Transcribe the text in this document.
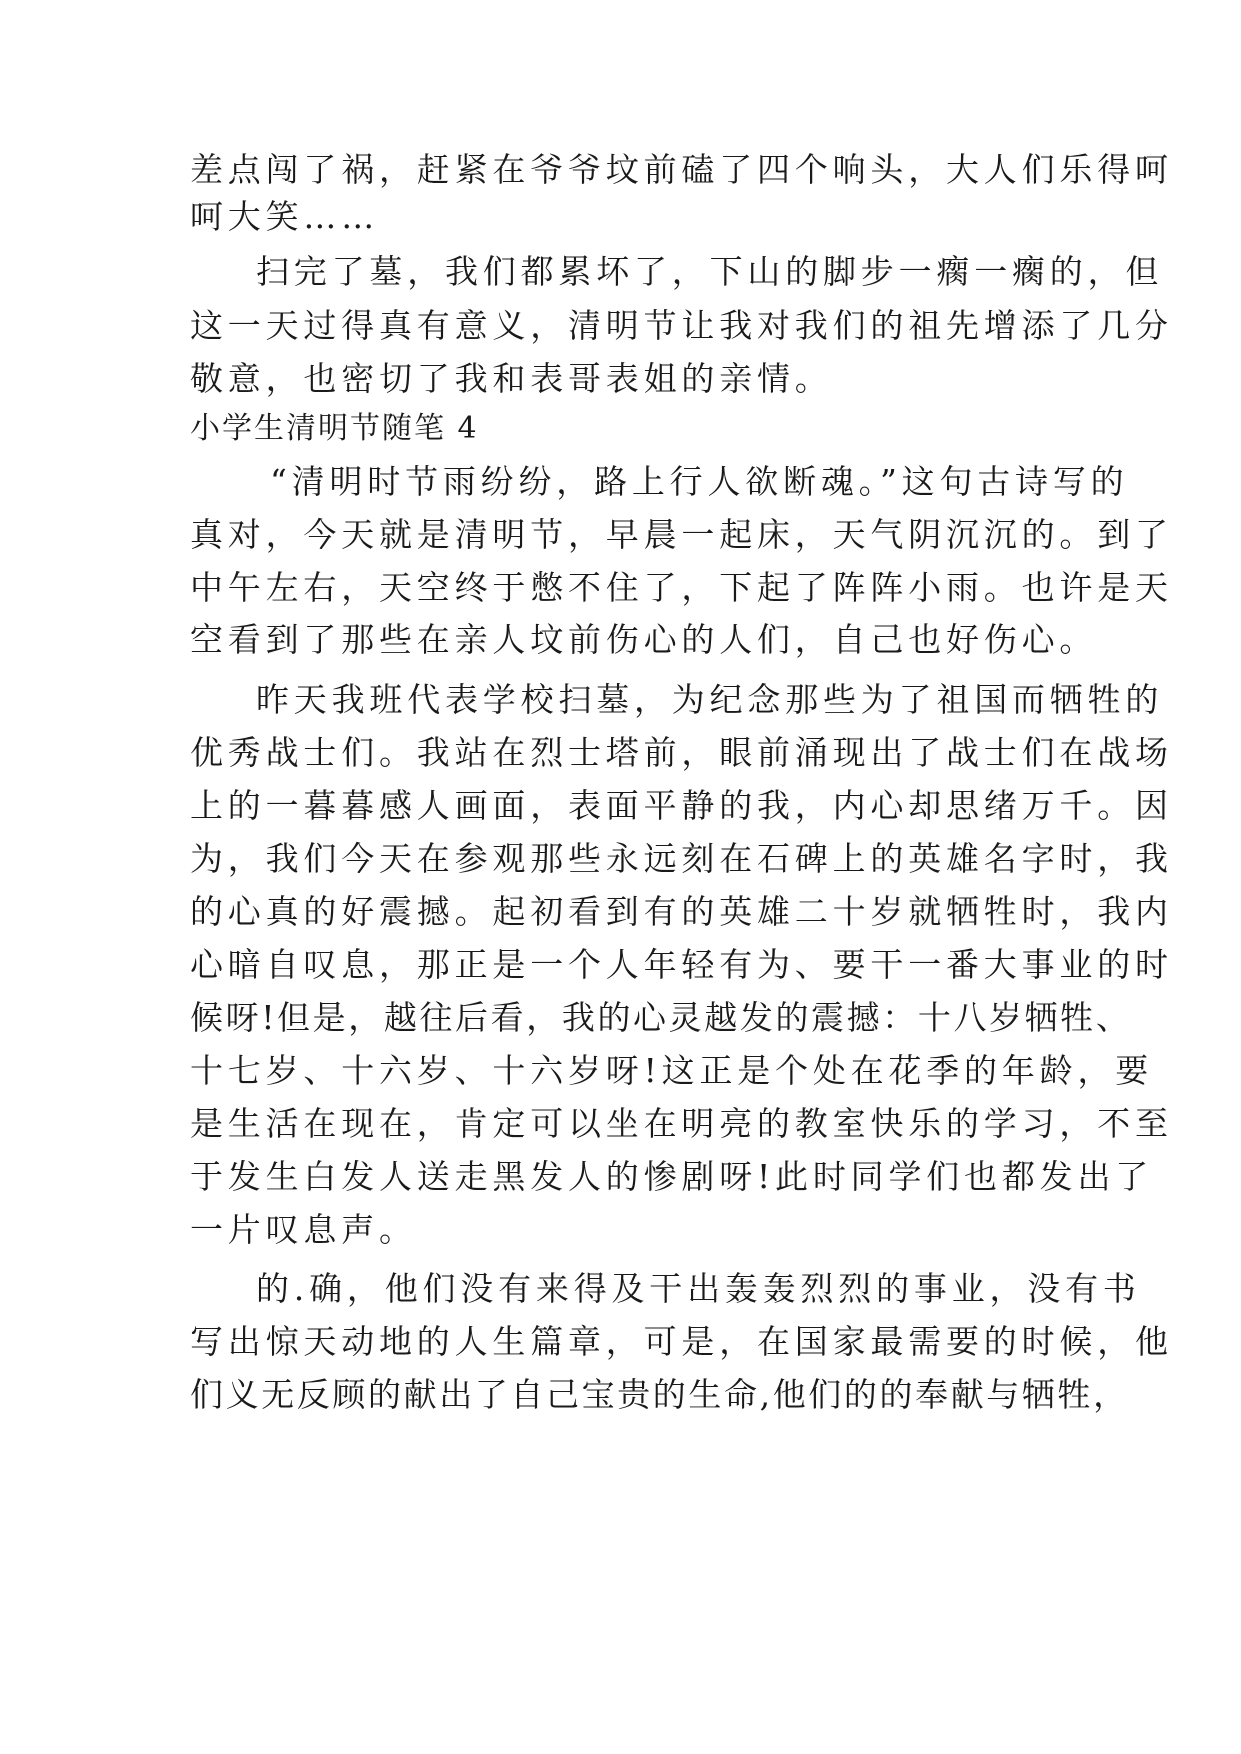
差点闯了祸，赶紧在爷爷坟前磕了四个响头，大人们乐得呵
呵大笑……
扫完了墓，我们都累坏了，下山的脚步一瘸一瘸的，但
这一天过得真有意义，清明节让我对我们的祖先增添了几分
敬意，也密切了我和表哥表姐的亲情。
小学生清明节随笔 4
“清明时节雨纷纷，路上行人欲断魂。”这句古诗写的
真对，今天就是清明节，早晨一起床，天气阴沉沉的。到了
中午左右，天空终于憋不住了，下起了阵阵小雨。也许是天
空看到了那些在亲人坟前伤心的人们，自己也好伤心。
昨天我班代表学校扫墓，为纪念那些为了祖国而牺牲的
优秀战士们。我站在烈士塔前，眼前涌现出了战士们在战场
上的一暮暮感人画面，表面平静的我，内心却思绪万千。因
为，我们今天在参观那些永远刻在石碑上的英雄名字时，我
的心真的好震撼。起初看到有的英雄二十岁就牺牲时，我内
心暗自叹息，那正是一个人年轻有为、要干一番大事业的时
候呀!但是，越往后看，我的心灵越发的震撼：十八岁牺牲、
十七岁、十六岁、十六岁呀!这正是个处在花季的年龄，要
是生活在现在，肯定可以坐在明亮的教室快乐的学习，不至
于发生白发人送走黑发人的惨剧呀!此时同学们也都发出了
一片叹息声。
的.确，他们没有来得及干出轰轰烈烈的事业，没有书
写出惊天动地的人生篇章，可是，在国家最需要的时候，他
们义无反顾的献出了自己宝贵的生命,他们的的奉献与牺牲，
